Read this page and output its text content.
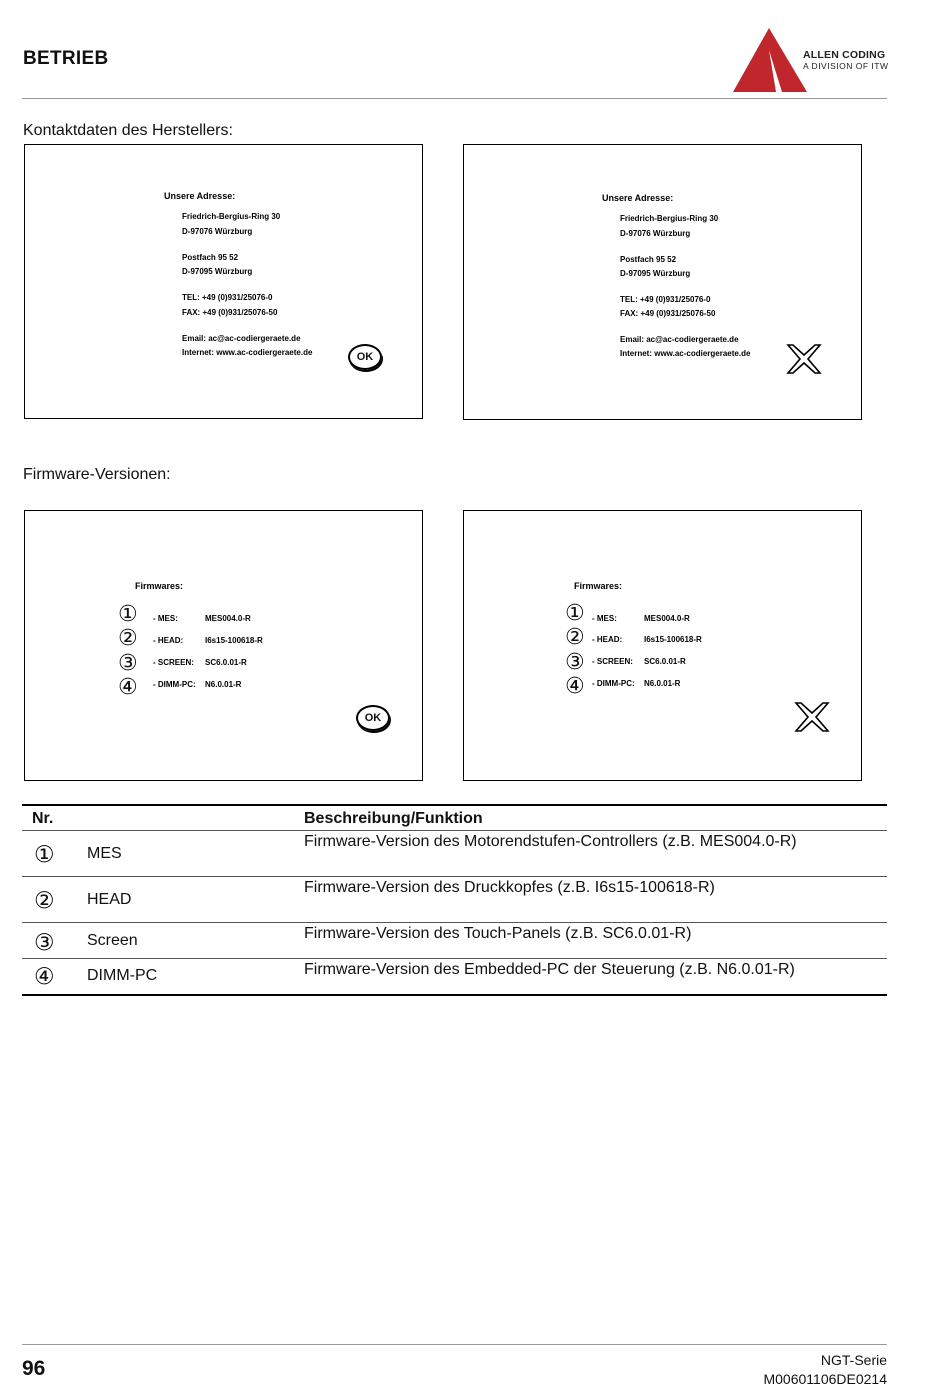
BETRIEB	ALLEN CODING
A DIVISION OF ITW
Kontaktdaten des Herstellers:
Unsere Adresse:
Friedrich-Bergius-Ring 30
D-97076 Würzburg
Postfach 95 52
D-97095 Würzburg
TEL: +49 (0)931/25076-0
FAX: +49 (0)931/25076-50
Email: ac@ac-codiergeraete.de
Internet: www.ac-codiergeraete.de	OK
Unsere Adresse:
Friedrich-Bergius-Ring 30
D-97076 Würzburg
Postfach 95 52
D-97095 Würzburg
TEL: +49 (0)931/25076-0
FAX: +49 (0)931/25076-50
Email: ac@ac-codiergeraete.de
Internet: www.ac-codiergeraete.de
Firmware-Versionen:
Firmwares:
① - MES:	MES004.0-R
② - HEAD:	I6s15-100618-R
③ - SCREEN: SC6.0.01-R
④ - DIMM-PC: N6.0.01-R
OK
Firmwares:
① - MES:	MES004.0-R
② - HEAD:	I6s15-100618-R
③ - SCREEN: SC6.0.01-R
④ - DIMM-PC: N6.0.01-R
Nr.		Beschreibung/Funktion
①	MES	Firmware-Version des Motorendstufen-Controllers (z.B. MES004.0-R)
②	HEAD	Firmware-Version des Druckkopfes (z.B. I6s15-100618-R)
③	Screen	Firmware-Version des Touch-Panels (z.B. SC6.0.01-R)
④	DIMM-PC	Firmware-Version des Embedded-PC der Steuerung (z.B. N6.0.01-R)
96	NGT-Serie
M00601106DE0214
